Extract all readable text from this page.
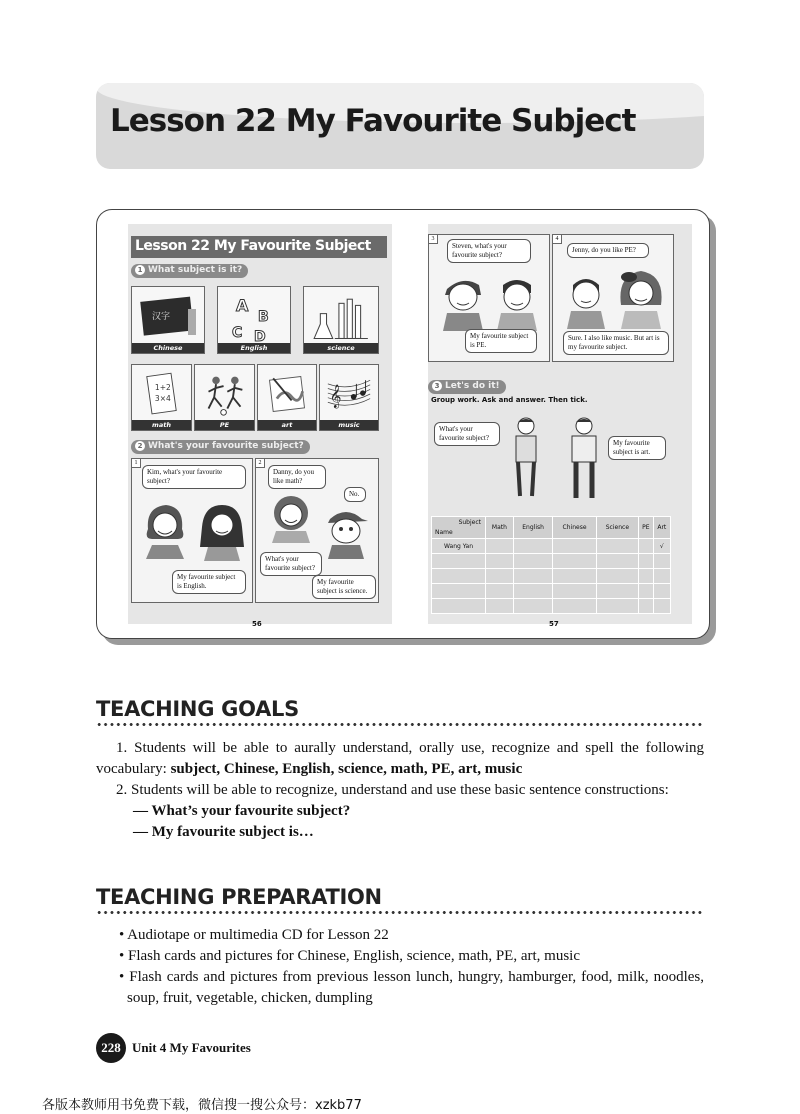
Lesson 22 My Favourite Subject
Lesson 22 My Favourite Subject
1 What subject is it?
汉字
Chinese
A
B
C D
English	science
1+2
3×4
math	PE	art
𝄞
music
2 What's your favourite subject?
1
Kim, what's your favourite subject?
My favourite subject is English.
2
Danny, do you like math?
No.
What's your favourite subject?
My favourite subject is science.
3
Steven, what's your favourite subject?
My favourite subject is PE.
4
Jenny, do you like PE?
Sure. I also like music. But art is my favourite subject.
3 Let's do it!
Group work. Ask and answer. Then tick.
What's your favourite subject?
My favourite subject is art.
Subject
Name	Math	English	Chinese	Science	PE	Art
Wang Yan						√

56	57
TEACHING GOALS
1. Students will be able to aurally understand, orally use, recognize and spell the following vocabulary: subject, Chinese, English, science, math, PE, art, music
2. Students will be able to recognize, understand and use these basic sentence constructions:
— What’s your favourite subject?
— My favourite subject is…
TEACHING PREPARATION
• Audiotape or multimedia CD for Lesson 22
• Flash cards and pictures for Chinese, English, science, math, PE, art, music
• Flash cards and pictures from previous lesson lunch, hungry, hamburger, food, milk, noodles, soup, fruit, vegetable, chicken, dumpling
228 Unit 4 My Favourites
各版本教师用书免费下载，微信搜一搜公众号：xzkb77
